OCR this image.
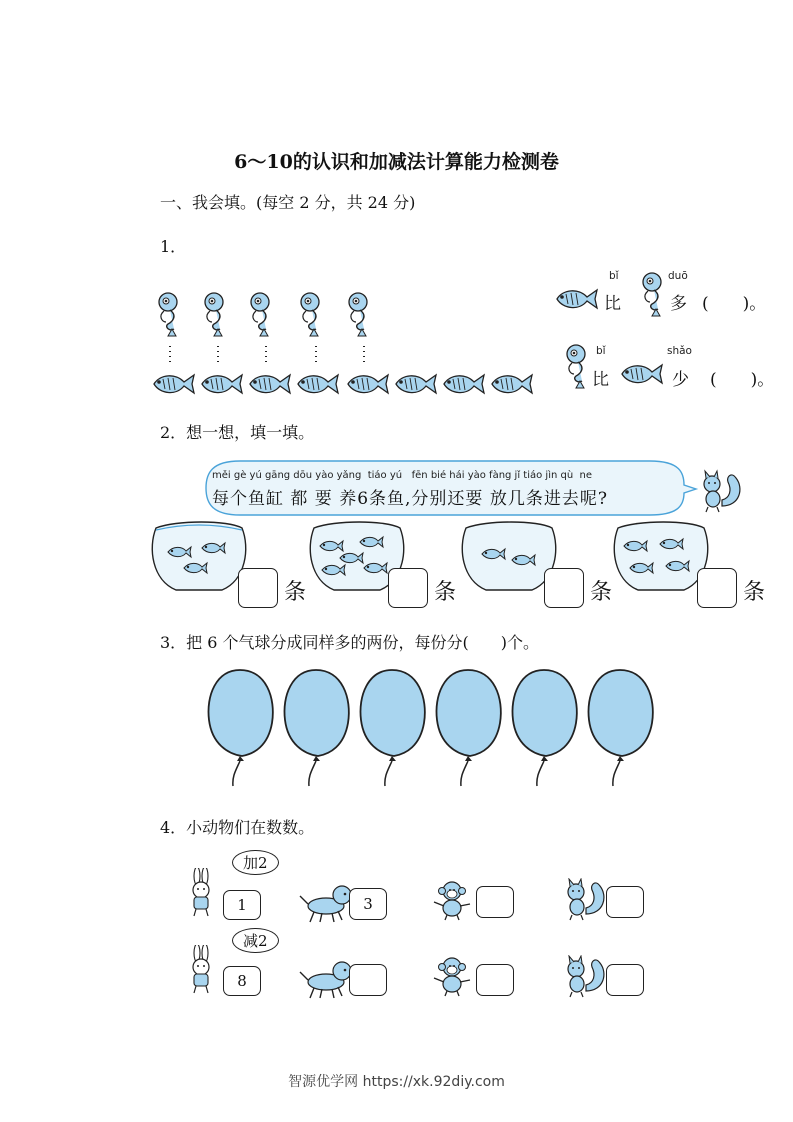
6～10的认识和加减法计算能力检测卷
一、我会填。(每空 2 分，共 24 分)
1．
bǐ
比
duō
多 (　　)。
bǐ
比
shǎo
少 (　　)。
2．想一想，填一填。
měi gè yú gāng dōu yào yǎng  tiáo yú   fēn bié hái yào fàng jǐ tiáo jìn qù  ne
每个鱼缸 都 要 养6条鱼,分别还要 放几条进去呢?
条	条	条	条
3．把 6 个气球分成同样多的两份，每份分(　　)个。
4．小动物们在数数。
加2
1	3
减2
8
智源优学网 https://xk.92diy.com
